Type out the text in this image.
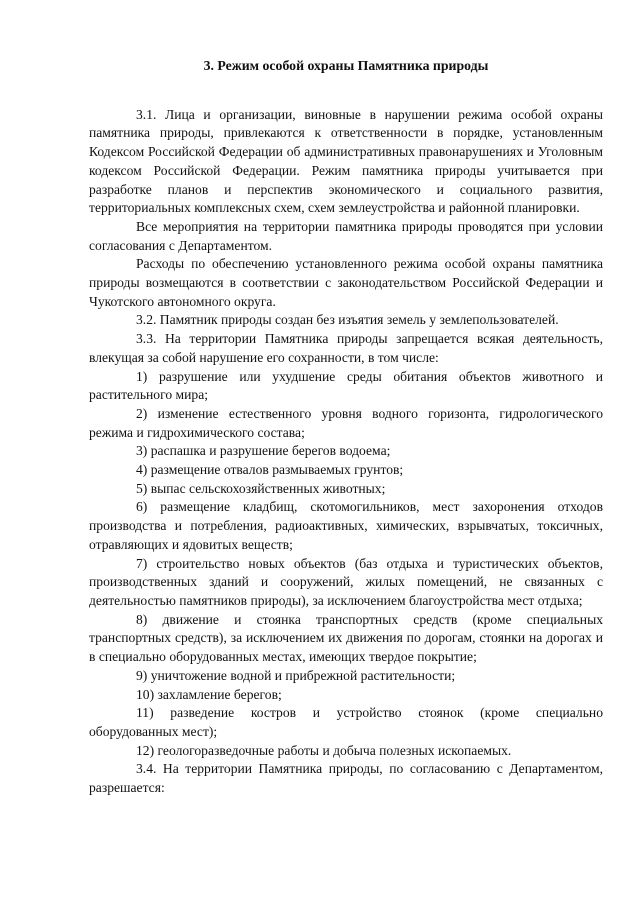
3. Режим особой охраны Памятника природы

3.1. Лица и организации, виновные в нарушении режима особой охраны памятника природы, привлекаются к ответственности в порядке, установленным Кодексом Российской Федерации об административных правонарушениях и Уголовным кодексом Российской Федерации. Режим памятника природы учитывается при разработке планов и перспектив экономического и социального развития, территориальных комплексных схем, схем землеустройства и районной планировки.

Все мероприятия на территории памятника природы проводятся при условии согласования с Департаментом.

Расходы по обеспечению установленного режима особой охраны памятника природы возмещаются в соответствии с законодательством Российской Федерации и Чукотского автономного округа.

3.2. Памятник природы создан без изъятия земель у землепользователей.

3.3. На территории Памятника природы запрещается всякая деятельность, влекущая за собой нарушение его сохранности, в том числе:

1) разрушение или ухудшение среды обитания объектов животного и растительного мира;

2) изменение естественного уровня водного горизонта, гидрологического режима и гидрохимического состава;

3) распашка и разрушение берегов водоема;

4) размещение отвалов размываемых грунтов;

5) выпас сельскохозяйственных животных;

6) размещение кладбищ, скотомогильников, мест захоронения отходов производства и потребления, радиоактивных, химических, взрывчатых, токсичных, отравляющих и ядовитых веществ;

7) строительство новых объектов (баз отдыха и туристических объектов, производственных зданий и сооружений, жилых помещений, не связанных с деятельностью памятников природы), за исключением благоустройства мест отдыха;

8) движение и стоянка транспортных средств (кроме специальных транспортных средств), за исключением их движения по дорогам, стоянки на дорогах и в специально оборудованных местах, имеющих твердое покрытие;

9) уничтожение водной и прибрежной растительности;

10) захламление берегов;

11) разведение костров и устройство стоянок (кроме специально оборудованных мест);

12) геологоразведочные работы и добыча полезных ископаемых.

3.4. На территории Памятника природы, по согласованию с Департаментом, разрешается:
